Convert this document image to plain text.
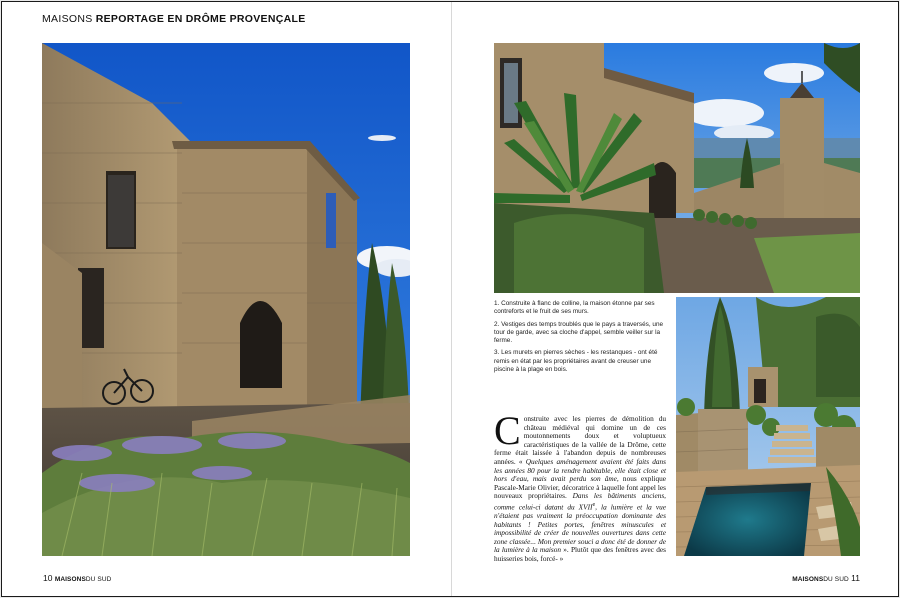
MAISONS REPORTAGE EN DRÔME PROVENÇALE

1. Construite à flanc de colline, la maison étonne par ses contreforts et le fruit de ses murs.

2. Vestiges des temps troublés que le pays a traversés, une tour de garde, avec sa cloche d'appel, semble veiller sur la ferme.

3. Les murets en pierres sèches - les restanques - ont été remis en état par les propriétaires avant de creuser une piscine à la plage en bois.

Construite avec les pierres de démolition du château médiéval qui domine un de ces moutonnements doux et voluptueux caractéristiques de la vallée de la Drôme, cette ferme était laissée à l'abandon depuis de nombreuses années. « Quelques aménagement avaient été faits dans les années 80 pour la rendre habitable, elle était close et hors d'eau, mais avait perdu son âme, nous explique Pascale-Marie Olivier, décoratrice à laquelle font appel les nouveaux propriétaires. Dans les bâtiments anciens, comme celui-ci datant du XVIIe, la lumière et la vue n'étaient pas vraiment la préoccupation dominante des habitants ! Petites portes, fenêtres minuscules et impossibilité de créer de nouvelles ouvertures dans cette zone classée... Mon premier souci a donc été de donner de la lumière à la maison ». Plutôt que des fenêtres avec des huisseries bois, forcé- »
10 MAISONSDU SUD	MAISONSDU SUD 11
